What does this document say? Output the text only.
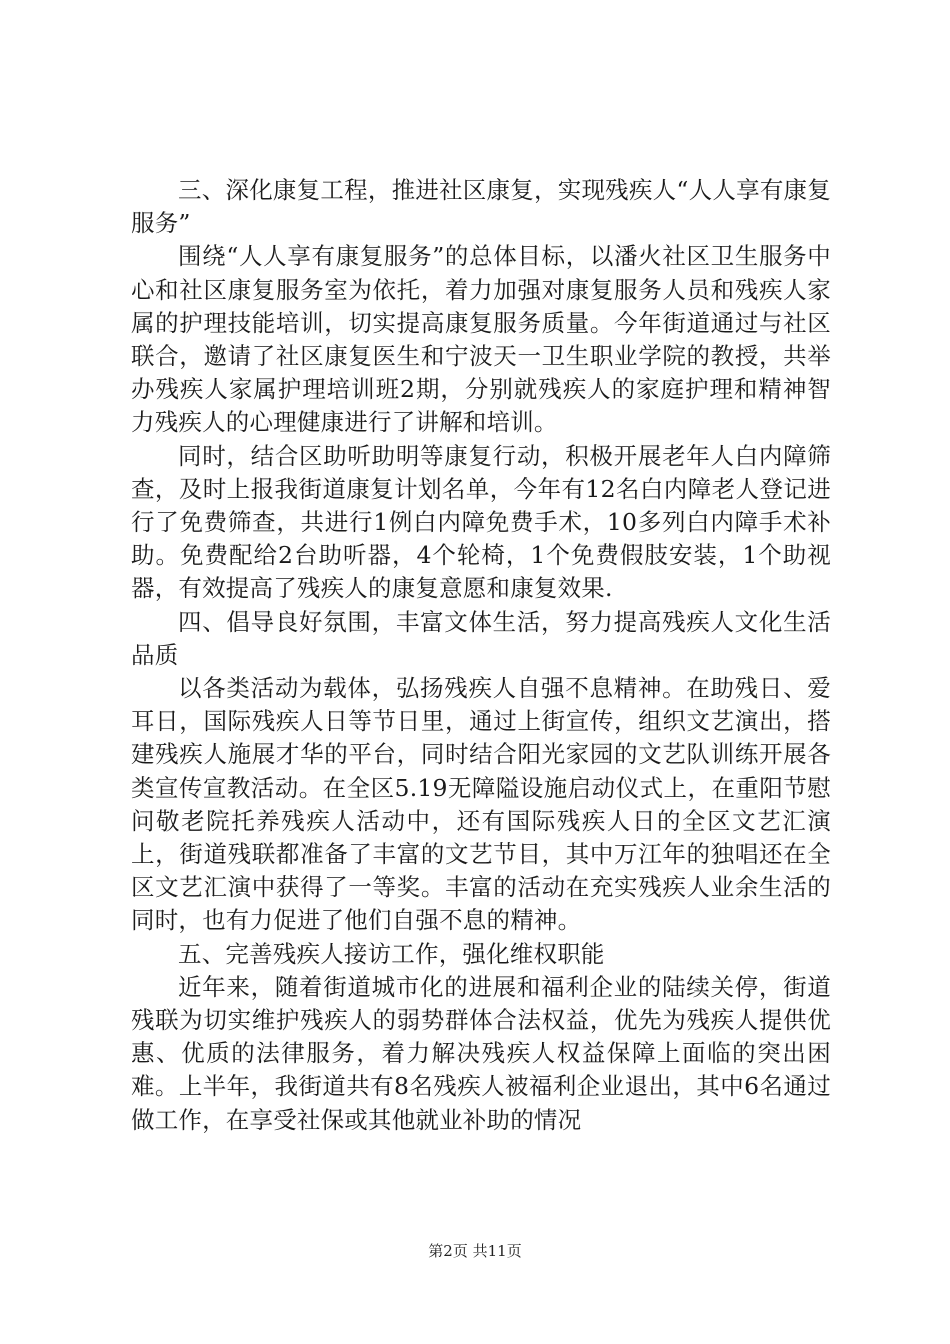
三、深化康复工程，推进社区康复，实现残疾人“人人享有康复服务”

围绕“人人享有康复服务”的总体目标，以潘火社区卫生服务中心和社区康复服务室为依托，着力加强对康复服务人员和残疾人家属的护理技能培训，切实提高康复服务质量。今年街道通过与社区联合，邀请了社区康复医生和宁波天一卫生职业学院的教授，共举办残疾人家属护理培训班2期，分别就残疾人的家庭护理和精神智力残疾人的心理健康进行了讲解和培训。

同时，结合区助听助明等康复行动，积极开展老年人白内障筛查，及时上报我街道康复计划名单，今年有12名白内障老人登记进行了免费筛查，共进行1例白内障免费手术，10多列白内障手术补助。免费配给2台助听器，4个轮椅，1个免费假肢安装，1个助视器，有效提高了残疾人的康复意愿和康复效果.

四、倡导良好氛围，丰富文体生活，努力提高残疾人文化生活品质

以各类活动为载体，弘扬残疾人自强不息精神。在助残日、爱耳日，国际残疾人日等节日里，通过上街宣传，组织文艺演出，搭建残疾人施展才华的平台，同时结合阳光家园的文艺队训练开展各类宣传宣教活动。在全区5.19无障隘设施启动仪式上，在重阳节慰问敬老院托养残疾人活动中，还有国际残疾人日的全区文艺汇演上，街道残联都准备了丰富的文艺节目，其中万江年的独唱还在全区文艺汇演中获得了一等奖。丰富的活动在充实残疾人业余生活的同时，也有力促进了他们自强不息的精神。

五、完善残疾人接访工作，强化维权职能

近年来，随着街道城市化的进展和福利企业的陆续关停，街道残联为切实维护残疾人的弱势群体合法权益，优先为残疾人提供优惠、优质的法律服务，着力解决残疾人权益保障上面临的突出困难。上半年，我街道共有8名残疾人被福利企业退出，其中6名通过做工作，在享受社保或其他就业补助的情况

第2页 共11页
